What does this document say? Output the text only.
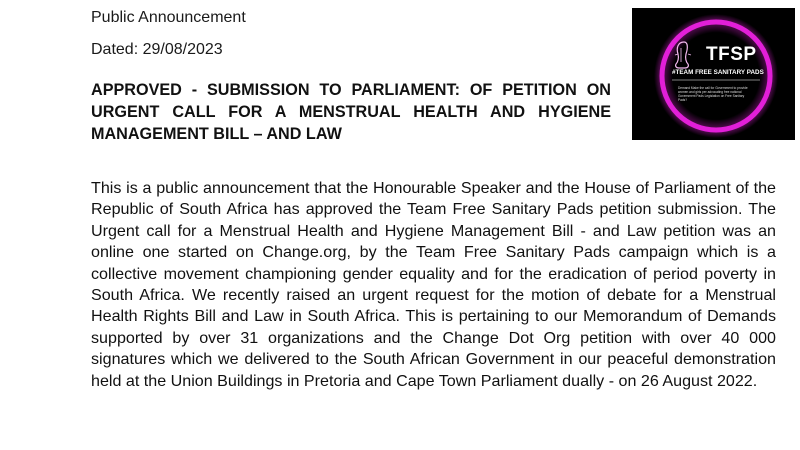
Public Announcement
Dated: 29/08/2023
APPROVED - SUBMISSION TO PARLIAMENT: OF PETITION ON URGENT CALL FOR A MENSTRUAL HEALTH AND HYGIENE MANAGEMENT BILL – AND LAW

This is a public announcement that the Honourable Speaker and the House of Parliament of the Republic of South Africa has approved the Team Free Sanitary Pads petition submission. The Urgent call for a Menstrual Health and Hygiene Management Bill - and Law petition was an online one started on Change.org, by the Team Free Sanitary Pads campaign which is a collective movement championing gender equality and for the eradication of period poverty in South Africa. We recently raised an urgent request for the motion of debate for a Menstrual Health Rights Bill and Law in South Africa. This is pertaining to our Memorandum of Demands supported by over 31 organizations and the Change Dot Org petition with over 40 000 signatures which we delivered to the South African Government in our peaceful demonstration held at the Union Buildings in Pretoria and Cape Town Parliament dually - on 26 August 2022.

TFSP
#TEAM FREE SANITARY PADS
Demand Make the call for Government to provide women and girls per advocating free national Government Pads Legislation on Free Sanitary Pads?
